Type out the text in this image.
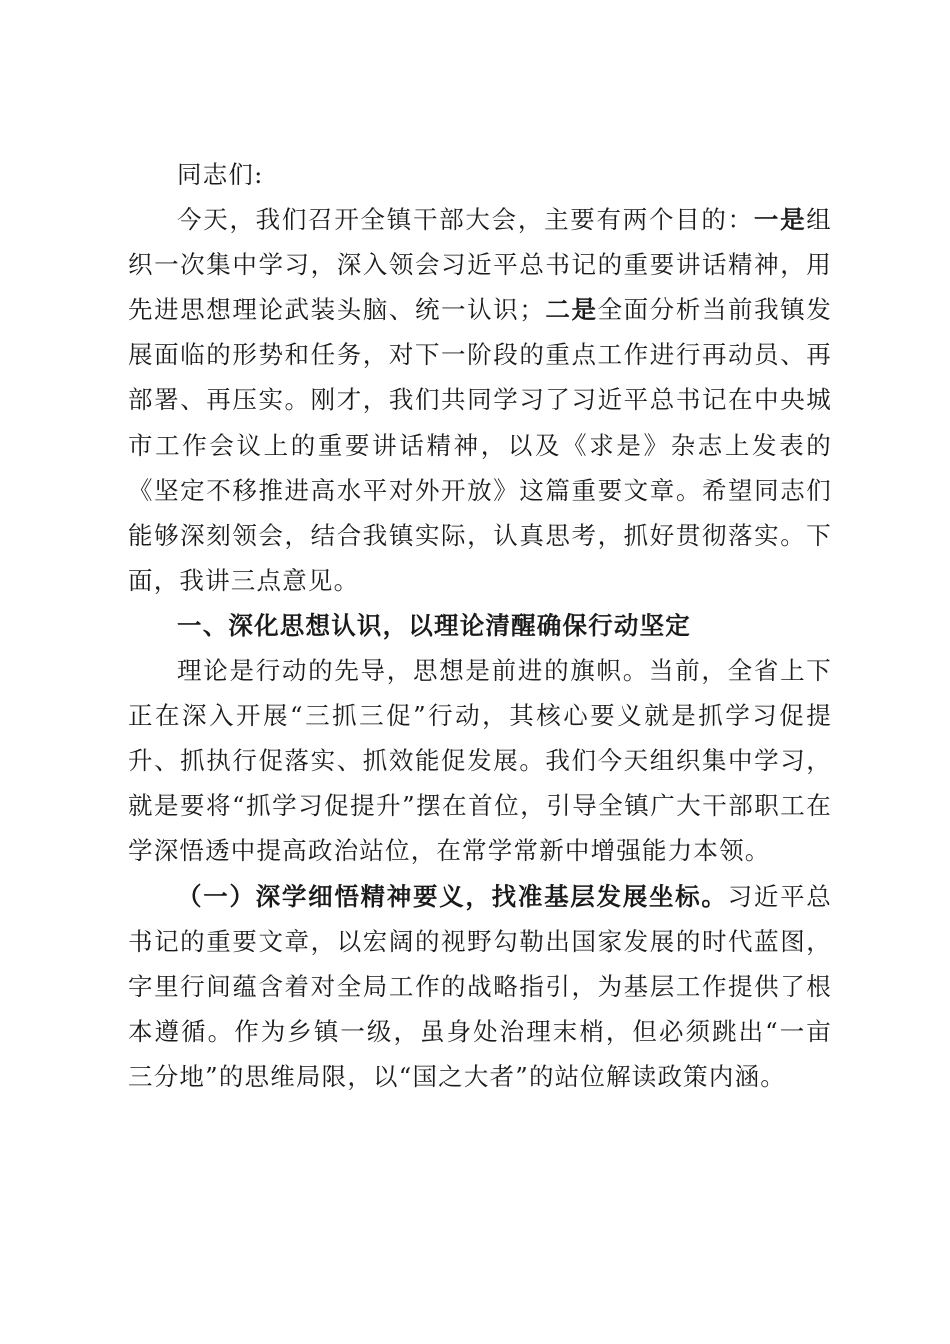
同志们:

今天，我们召开全镇干部大会，主要有两个目的：一是组织一次集中学习，深入领会习近平总书记的重要讲话精神，用先进思想理论武装头脑、统一认识；二是全面分析当前我镇发展面临的形势和任务，对下一阶段的重点工作进行再动员、再部署、再压实。刚才，我们共同学习了习近平总书记在中央城市工作会议上的重要讲话精神，以及《求是》杂志上发表的《坚定不移推进高水平对外开放》这篇重要文章。希望同志们能够深刻领会，结合我镇实际，认真思考，抓好贯彻落实。下面，我讲三点意见。

一、深化思想认识，以理论清醒确保行动坚定

理论是行动的先导，思想是前进的旗帜。当前，全省上下正在深入开展“三抓三促”行动，其核心要义就是抓学习促提升、抓执行促落实、抓效能促发展。我们今天组织集中学习，就是要将“抓学习促提升”摆在首位，引导全镇广大干部职工在学深悟透中提高政治站位，在常学常新中增强能力本领。

（一）深学细悟精神要义，找准基层发展坐标。习近平总书记的重要文章，以宏阔的视野勾勒出国家发展的时代蓝图，字里行间蕴含着对全局工作的战略指引，为基层工作提供了根本遵循。作为乡镇一级，虽身处治理末梢，但必须跳出“一亩三分地”的思维局限，以“国之大者”的站位解读政策内涵。
